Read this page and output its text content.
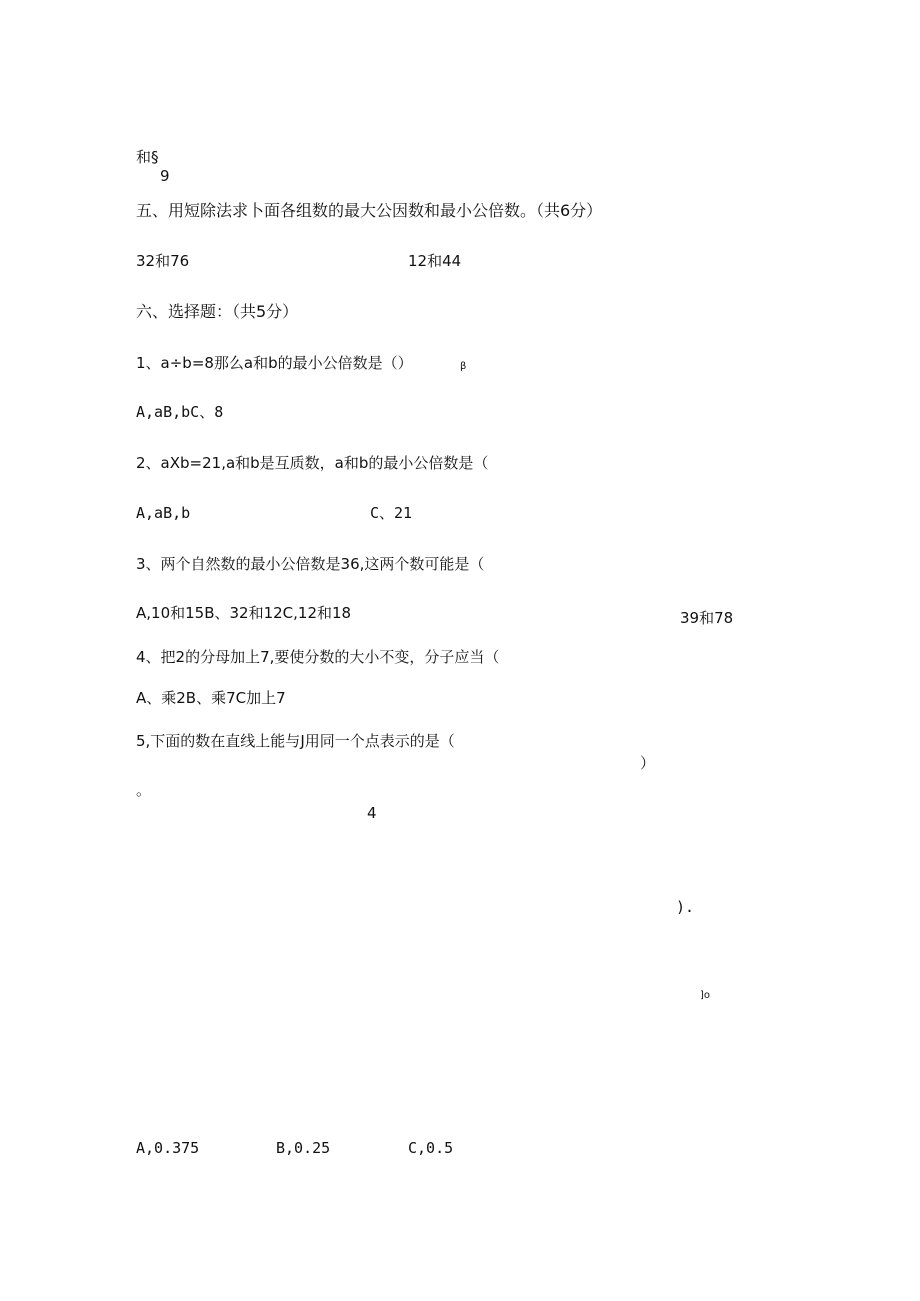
和§
9
五、用短除法求卜面各组数的最大公因数和最小公倍数。（共6分）
32和76	12和44
六、选择题：（共5分）
1、a÷b=8那么a和b的最小公倍数是（）	β
A,aB,bC、8
2、aXb=21,a和b是互质数，a和b的最小公倍数是（
A,aB,b	C、21
3、两个自然数的最小公倍数是36,这两个数可能是（
A,10和15B、32和12C,12和18	39和78
4、把2的分母加上7,要使分数的大小不变，分子应当（
A、乘2B、乘7C加上7
5,下面的数在直线上能与J用同一个点表示的是（
）
。
4
).
]o
A,0.375	B,0.25	C,0.5
